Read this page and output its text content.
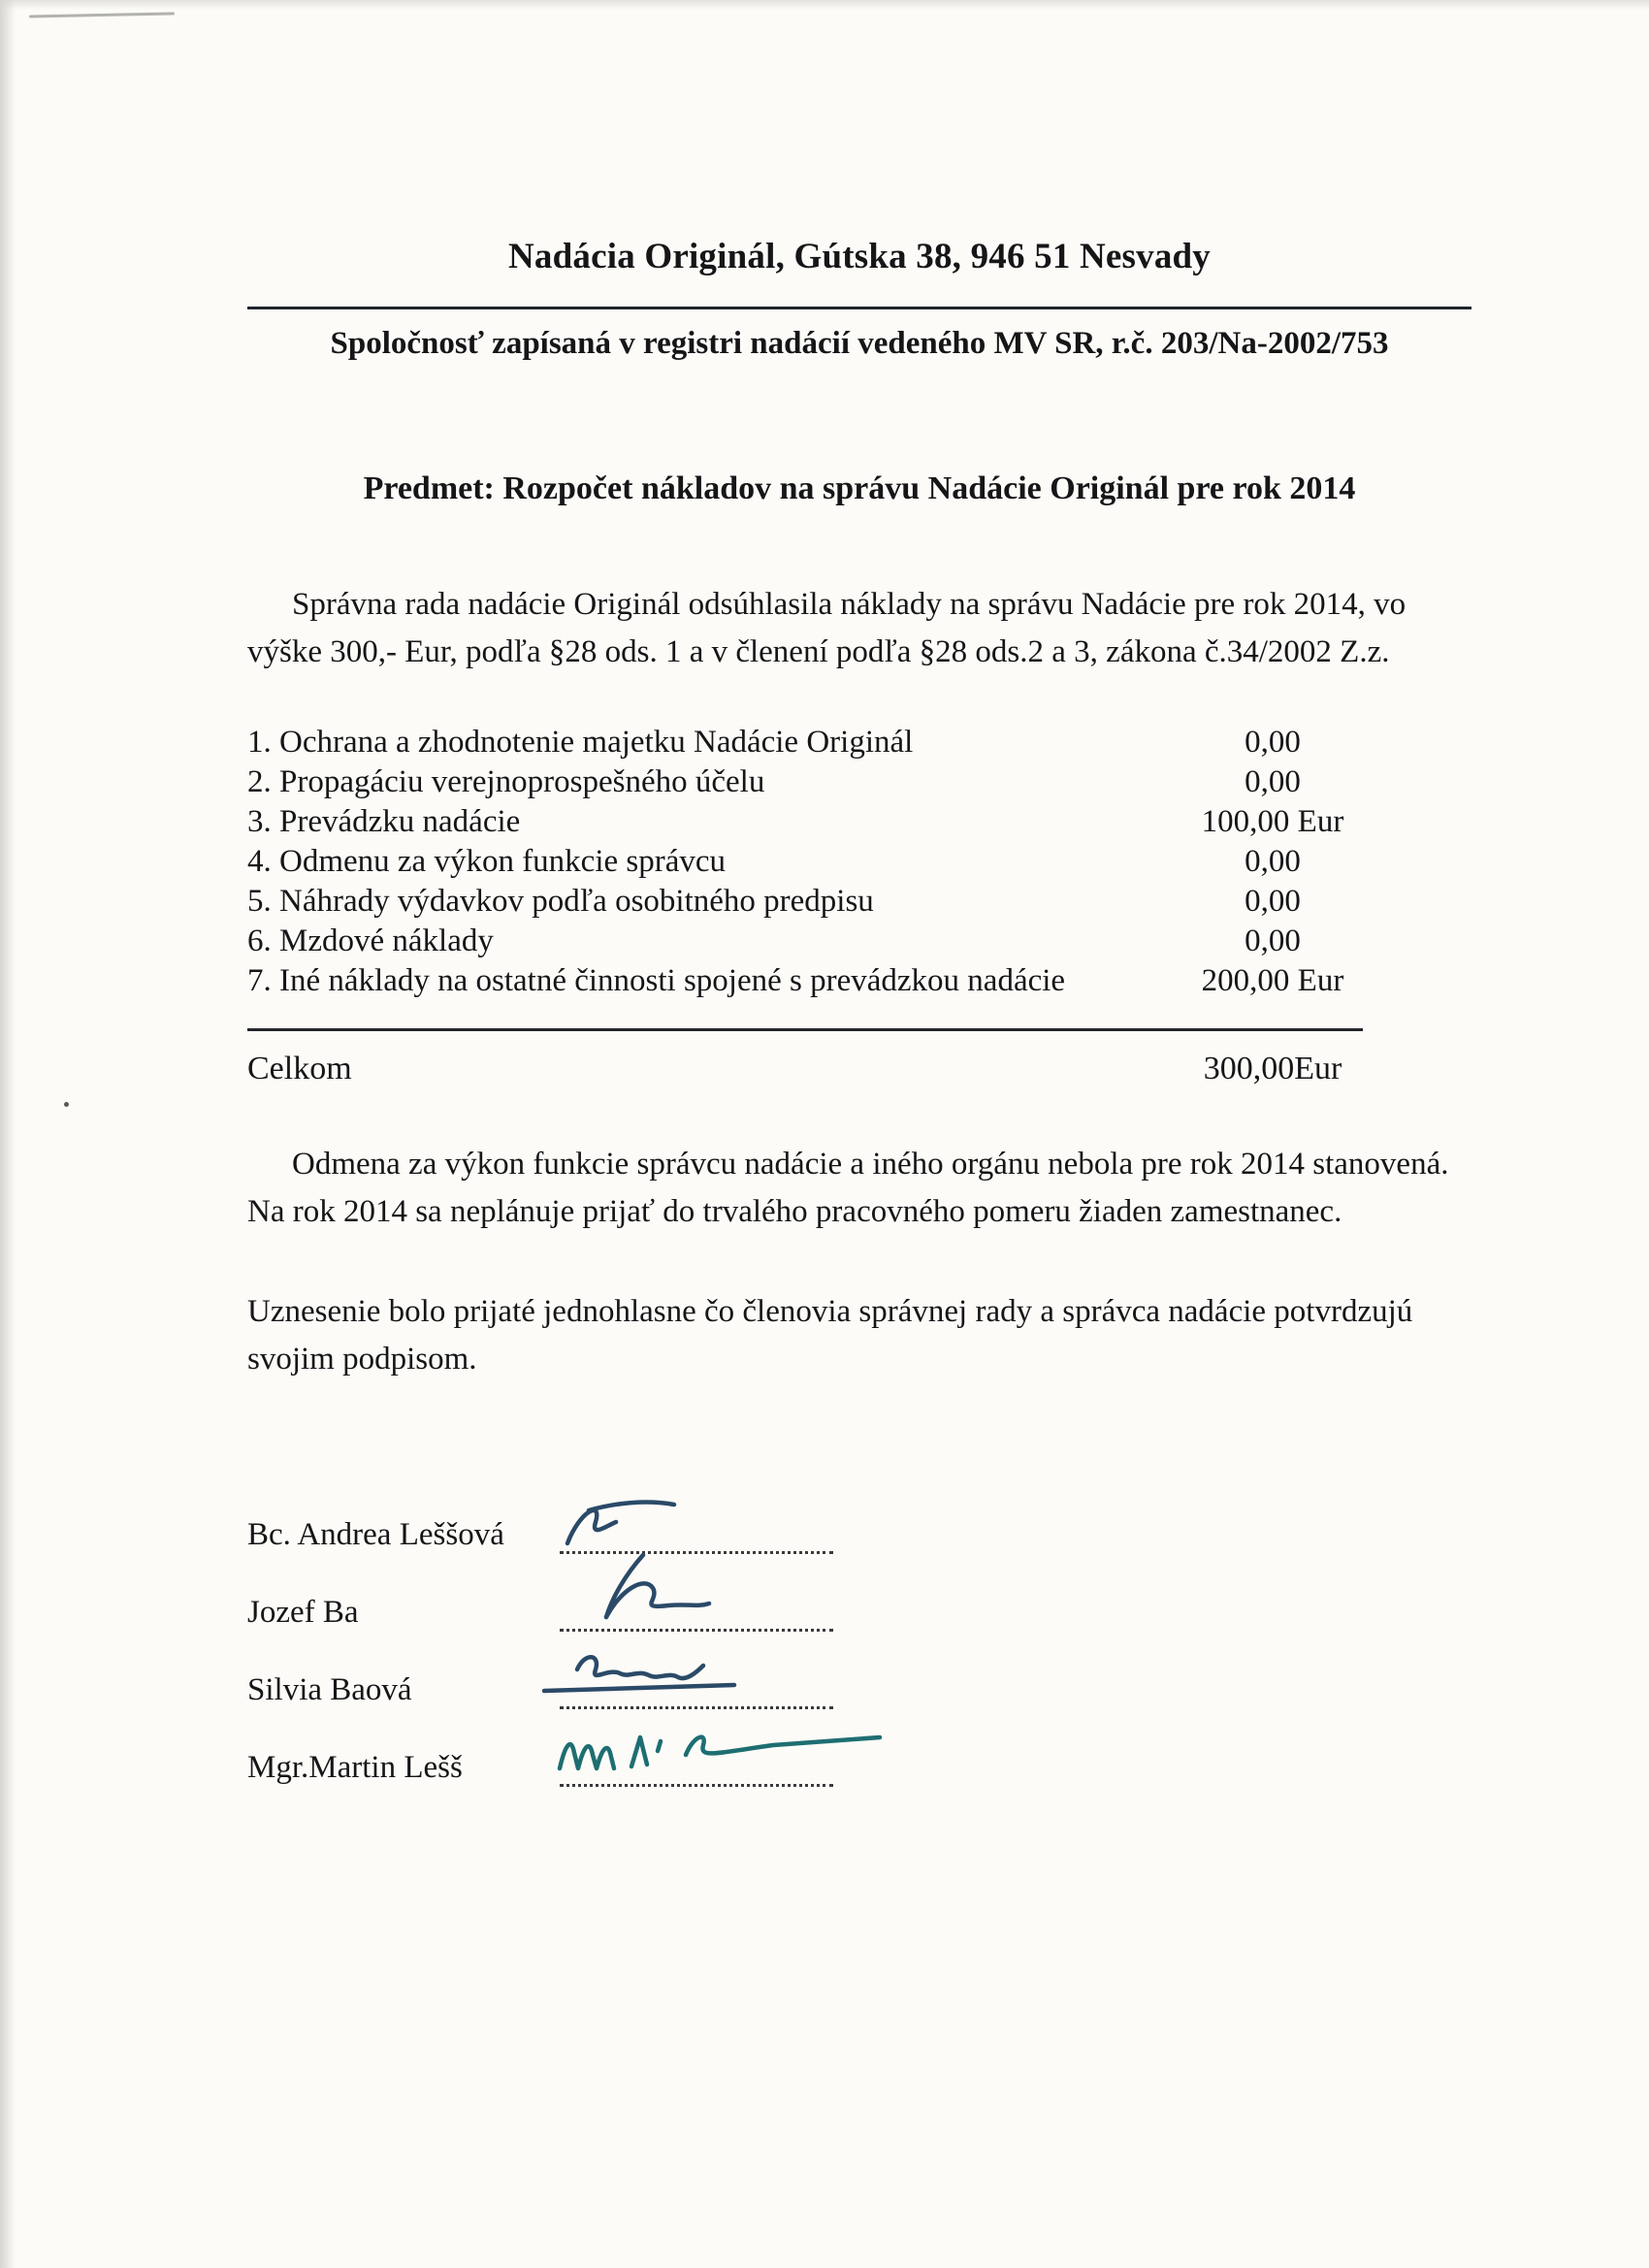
Nadácia Originál, Gútska 38, 946 51 Nesvady

Spoločnosť zapísaná v registri nadácií vedeného MV SR, r.č. 203/Na-2002/753

Predmet: Rozpočet nákladov na správu Nadácie Originál pre rok 2014

Správna rada nadácie Originál odsúhlasila náklady na správu Nadácie pre rok 2014, vo výške 300,- Eur, podľa §28 ods. 1 a v členení podľa §28 ods.2 a 3, zákona č.34/2002 Z.z.

1. Ochrana a zhodnotenie majetku Nadácie Originál	0,00
2. Propagáciu verejnoprospešného účelu	0,00
3. Prevádzku nadácie	100,00 Eur
4. Odmenu za výkon funkcie správcu	0,00
5. Náhrady výdavkov podľa osobitného predpisu	0,00
6. Mzdové náklady	0,00
7. Iné náklady na ostatné činnosti spojené s prevádzkou nadácie	200,00 Eur
Celkom	300,00Eur

Odmena za výkon funkcie správcu nadácie a iného orgánu nebola pre rok 2014 stanovená. Na rok 2014 sa neplánuje prijať do trvalého pracovného pomeru žiaden zamestnanec.

Uznesenie bolo prijaté jednohlasne čo členovia správnej rady a správca nadácie potvrdzujú svojim podpisom.

Bc. Andrea Leššová
Jozef Ba
Silvia Baová
Mgr.Martin Lešš
